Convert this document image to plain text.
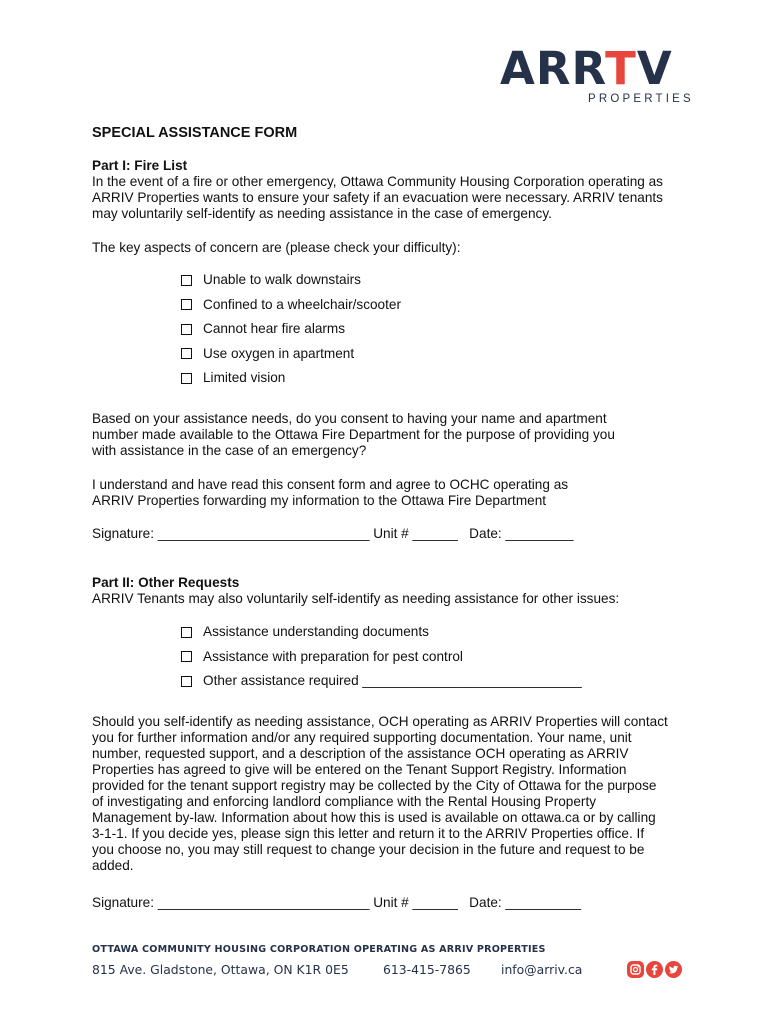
ARRTV
PROPERTIES
SPECIAL ASSISTANCE FORM
Part I: Fire List
In the event of a fire or other emergency, Ottawa Community Housing Corporation operating as
ARRIV Properties wants to ensure your safety if an evacuation were necessary. ARRIV tenants
may voluntarily self-identify as needing assistance in the case of emergency.
The key aspects of concern are (please check your difficulty):
Unable to walk downstairs
Confined to a wheelchair/scooter
Cannot hear fire alarms
Use oxygen in apartment
Limited vision
Based on your assistance needs, do you consent to having your name and apartment
number made available to the Ottawa Fire Department for the purpose of providing you
with assistance in the case of an emergency?
I understand and have read this consent form and agree to OCHC operating as
ARRIV Properties forwarding my information to the Ottawa Fire Department
Signature: ____________________________ Unit # ______   Date: _________
Part II: Other Requests
ARRIV Tenants may also voluntarily self-identify as needing assistance for other issues:
Assistance understanding documents
Assistance with preparation for pest control
Other assistance required _____________________________
Should you self-identify as needing assistance, OCH operating as ARRIV Properties will contact
you for further information and/or any required supporting documentation. Your name, unit
number, requested support, and a description of the assistance OCH operating as ARRIV
Properties has agreed to give will be entered on the Tenant Support Registry. Information
provided for the tenant support registry may be collected by the City of Ottawa for the purpose
of investigating and enforcing landlord compliance with the Rental Housing Property
Management by-law. Information about how this is used is available on ottawa.ca or by calling
3-1-1. If you decide yes, please sign this letter and return it to the ARRIV Properties office. If
you choose no, you may still request to change your decision in the future and request to be
added.
Signature: ____________________________ Unit # ______   Date: __________
OTTAWA COMMUNITY HOUSING CORPORATION OPERATING AS ARRIV PROPERTIES
815 Ave. Gladstone, Ottawa, ON K1R 0E5	613-415-7865 info@arriv.ca
